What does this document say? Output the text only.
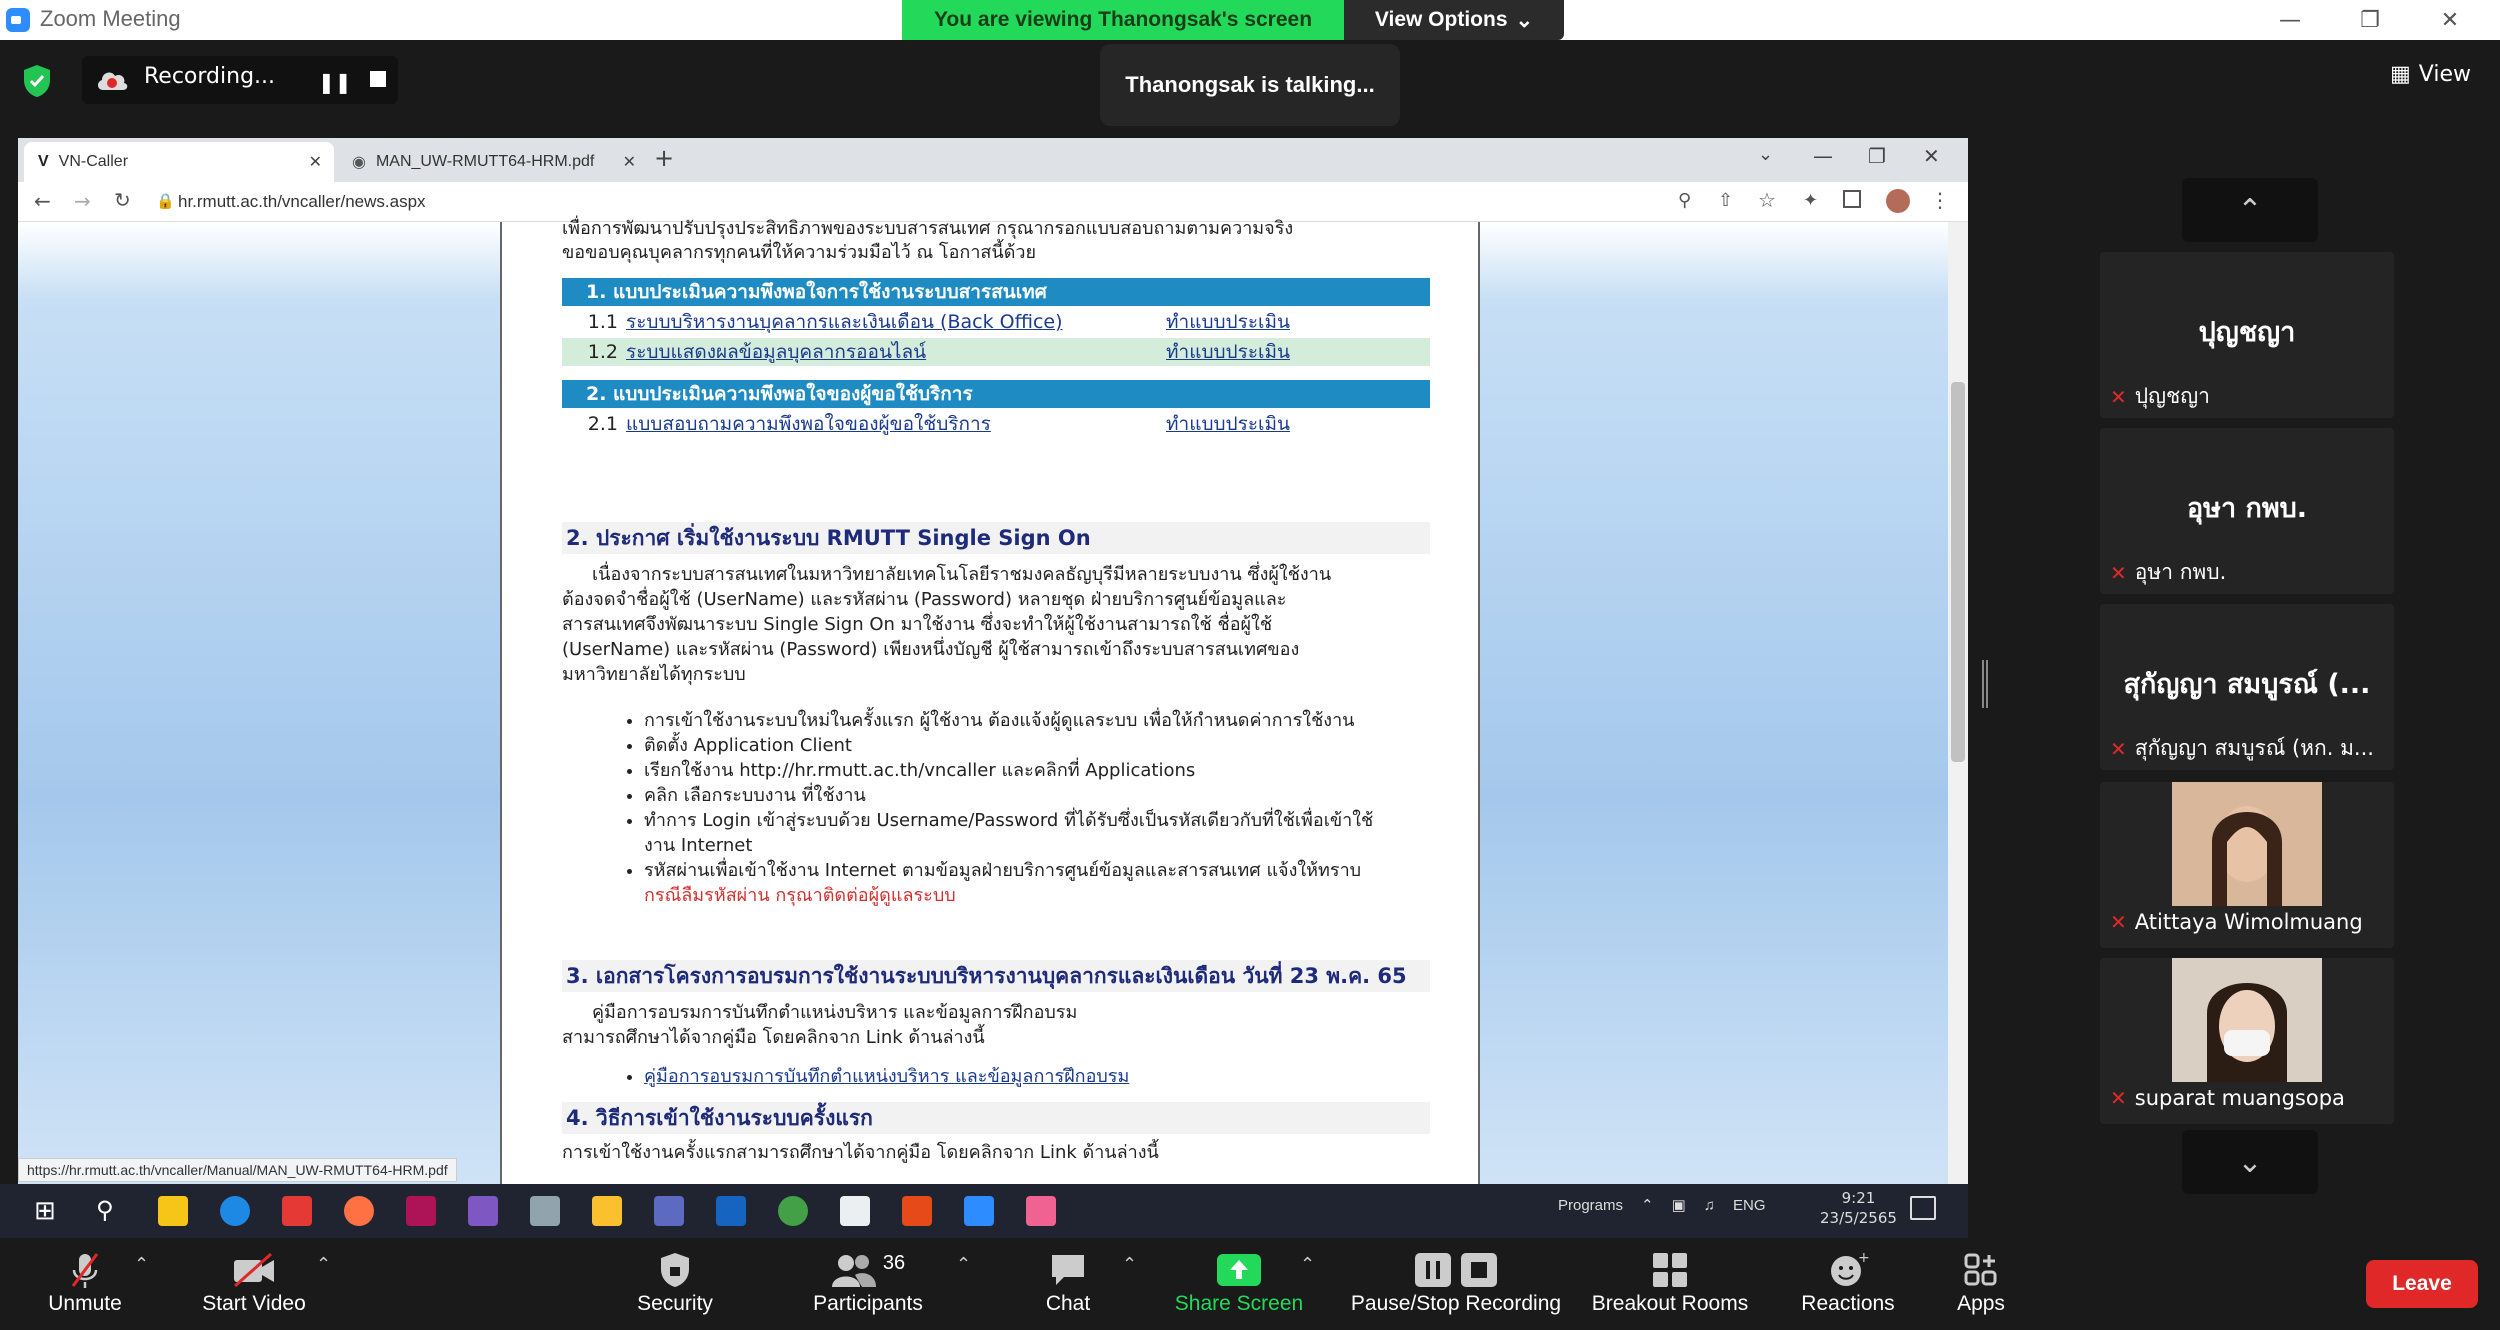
Zoom Meeting	—	❐	✕
You are viewing Thanongsak's screen	View Options ⌄
Recording... ❚❚	Thanongsak is talking...	▦ View
V VN-Caller	✕ ◉ MAN_UW-RMUTT64-HRM.pdf ✕ +	⌄ — ❐ ✕
← → ↻ 🔒 hr.rmutt.ac.th/vncaller/news.aspx	⚲ ⇧ ☆ ✦	⋮
เพื่อการพัฒนาปรับปรุงประสิทธิภาพของระบบสารสนเทศ กรุณากรอกแบบสอบถามตามความจริง
ขอขอบคุณบุคลากรทุกคนที่ให้ความร่วมมือไว้ ณ โอกาสนี้ด้วย
1. แบบประเมินความพึงพอใจการใช้งานระบบสารสนเทศ
1.1 ระบบบริหารงานบุคลากรและเงินเดือน (Back Office)	ทำแบบประเมิน
1.2 ระบบแสดงผลข้อมูลบุคลากรออนไลน์	ทำแบบประเมิน
2. แบบประเมินความพึงพอใจของผู้ขอใช้บริการ
2.1 แบบสอบถามความพึงพอใจของผู้ขอใช้บริการ	ทำแบบประเมิน
2. ประกาศ เริ่มใช้งานระบบ RMUTT Single Sign On
เนื่องจากระบบสารสนเทศในมหาวิทยาลัยเทคโนโลยีราชมงคลธัญบุรีมีหลายระบบงาน ซึ่งผู้ใช้งาน
ต้องจดจำชื่อผู้ใช้ (UserName) และรหัสผ่าน (Password) หลายชุด ฝ่ายบริการศูนย์ข้อมูลและ
สารสนเทศจึงพัฒนาระบบ Single Sign On มาใช้งาน ซึ่งจะทำให้ผู้ใช้งานสามารถใช้ ชื่อผู้ใช้
(UserName) และรหัสผ่าน (Password) เพียงหนึ่งบัญชี ผู้ใช้สามารถเข้าถึงระบบสารสนเทศของ
มหาวิทยาลัยได้ทุกระบบ
• การเข้าใช้งานระบบใหม่ในครั้งแรก ผู้ใช้งาน ต้องแจ้งผู้ดูแลระบบ เพื่อให้กำหนดค่าการใช้งาน
• ติดตั้ง Application Client
• เรียกใช้งาน http://hr.rmutt.ac.th/vncaller และคลิกที่ Applications
• คลิก เลือกระบบงาน ที่ใช้งาน
• ทำการ Login เข้าสู่ระบบด้วย Username/Password ที่ได้รับซึ่งเป็นรหัสเดียวกับที่ใช้เพื่อเข้าใช้
งาน Internet
• รหัสผ่านเพื่อเข้าใช้งาน Internet ตามข้อมูลฝ่ายบริการศูนย์ข้อมูลและสารสนเทศ แจ้งให้ทราบ
กรณีลืมรหัสผ่าน กรุณาติดต่อผู้ดูแลระบบ
3. เอกสารโครงการอบรมการใช้งานระบบบริหารงานบุคลากรและเงินเดือน วันที่ 23 พ.ค. 65
คู่มือการอบรมการบันทึกตำแหน่งบริหาร และข้อมูลการฝึกอบรม
สามารถศึกษาได้จากคู่มือ โดยคลิกจาก Link ด้านล่างนี้
• คู่มือการอบรมการบันทึกตำแหน่งบริหาร และข้อมูลการฝึกอบรม
4. วิธีการเข้าใช้งานระบบครั้งแรก
การเข้าใช้งานครั้งแรกสามารถศึกษาได้จากคู่มือ โดยคลิกจาก Link ด้านล่างนี้
https://hr.rmutt.ac.th/vncaller/Manual/MAN_UW-RMUTT64-HRM.pdf
⊞	⚲	Programs ⌃ ▣ ♫ ENG	9:21
23/5/2565
⌃
ปุญชญา
✕ ปุญชญา
อุษา กพบ.
✕ อุษา กพบ.
สุกัญญา สมบูรณ์ (...
✕ สุกัญญา สมบูรณ์ (หก. ม...
✕ Atittaya Wimolmuang
✕ suparat muangsopa
⌄
Unmute
⌃
Start Video
⌃
Security
36
Participants
⌃
Chat
⌃
Share Screen
⌃
Pause/Stop Recording Breakout Rooms
+
Reactions	Apps
Leave
